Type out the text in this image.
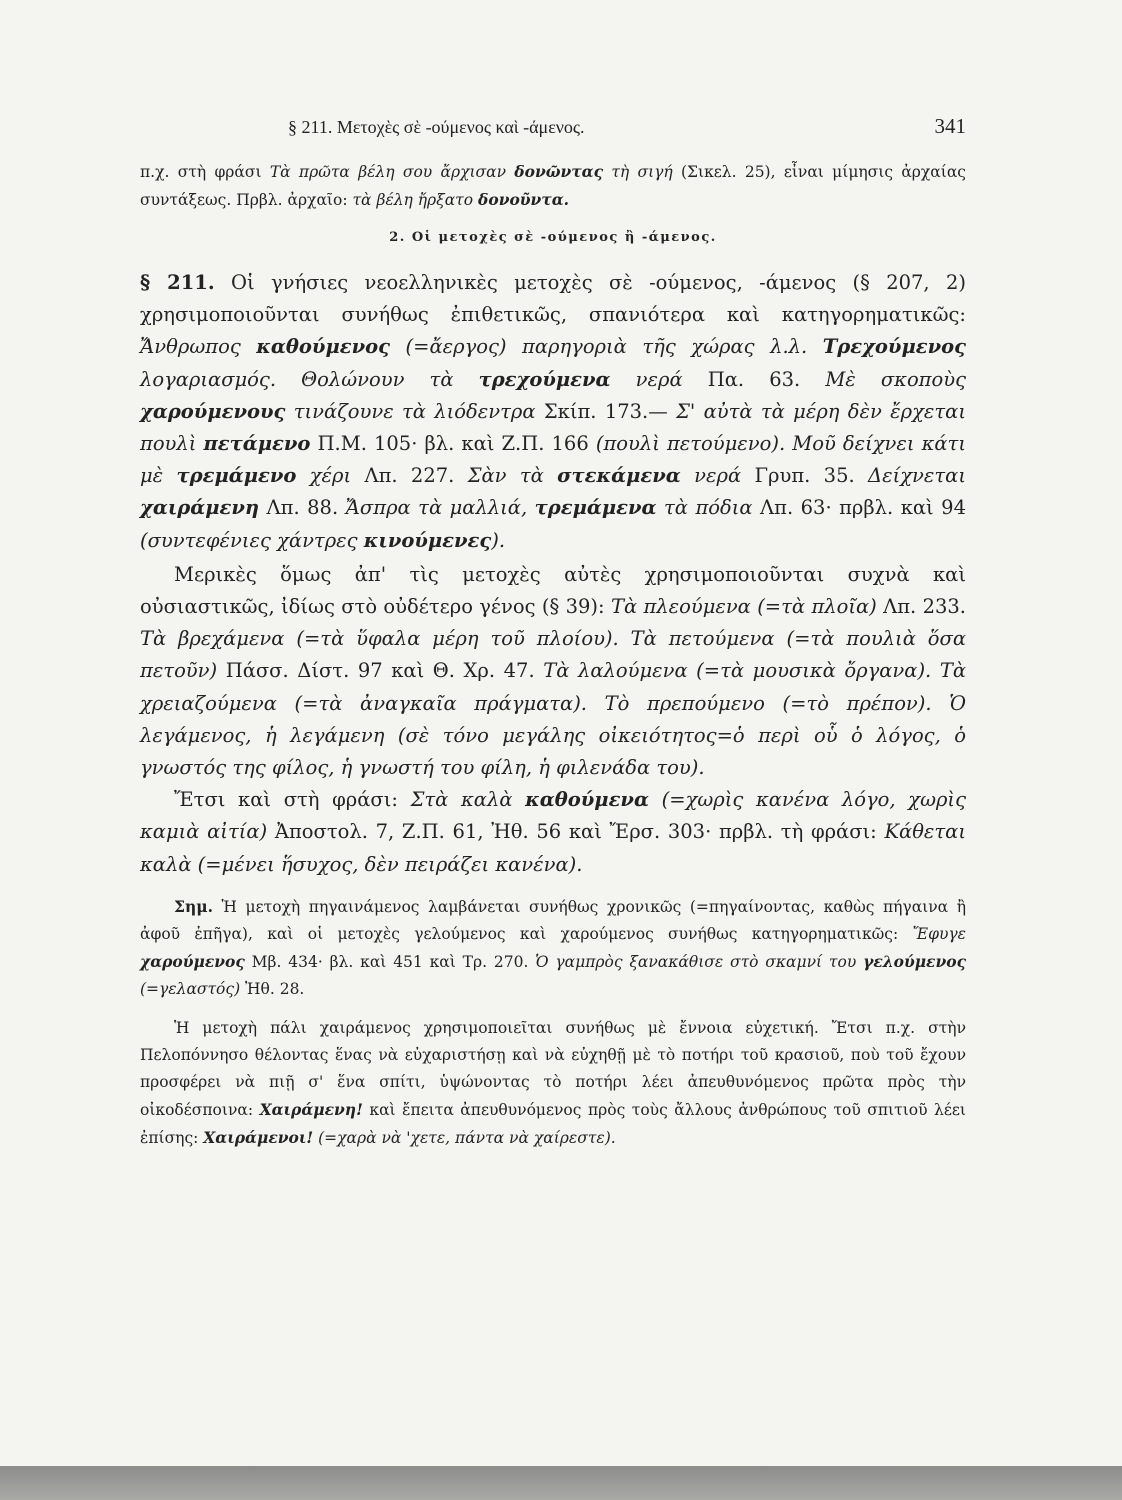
§ 211. Μετοχὲς σὲ -ούμενος καὶ -άμενος.	341

π.χ. στὴ φράσι Τὰ πρῶτα βέλη σου ἄρχισαν δονῶντας τὴ σιγή (Σικελ. 25), εἶναι μίμησις ἀρχαίας συντάξεως. Πρβλ. ἀρχαῖο: τὰ βέλη ἤρξατο δονοῦντα.

2. Οἱ μετοχὲς σὲ -ούμενος ἢ -άμενος.

§ 211. Οἱ γνήσιες νεοελληνικὲς μετοχὲς σὲ -ούμενος, -άμενος (§ 207, 2) χρησιμοποιοῦνται συνήθως ἐπιθετικῶς, σπανιότερα καὶ κατηγορηματικῶς: Ἄνθρωπος καθούμενος (=ἄεργος) παρηγοριὰ τῆς χώρας λ.λ. Τρεχούμενος λογαριασμός. Θολώνουν τὰ τρεχούμενα νερά Πα. 63. Μὲ σκοποὺς χαρούμενους τινάζουνε τὰ λιόδεντρα Σκίπ. 173.— Σ' αὐτὰ τὰ μέρη δὲν ἔρχεται πουλὶ πετάμενο Π.Μ. 105· βλ. καὶ Ζ.Π. 166 (πουλὶ πετούμενο). Μοῦ δείχνει κάτι μὲ τρεμάμενο χέρι Λπ. 227. Σὰν τὰ στεκάμενα νερά Γρυπ. 35. Δείχνεται χαιράμενη Λπ. 88. Ἄσπρα τὰ μαλλιά, τρεμάμενα τὰ πόδια Λπ. 63· πρβλ. καὶ 94 (συντεφένιες χάντρες κινούμενες).

Μερικὲς ὅμως ἀπ' τὶς μετοχὲς αὐτὲς χρησιμοποιοῦνται συχνὰ καὶ οὐσιαστικῶς, ἰδίως στὸ οὐδέτερο γένος (§ 39): Τὰ πλεούμενα (=τὰ πλοῖα) Λπ. 233. Τὰ βρεχάμενα (=τὰ ὕφαλα μέρη τοῦ πλοίου). Τὰ πετούμενα (=τὰ πουλιὰ ὅσα πετοῦν) Πάσσ. Δίστ. 97 καὶ Θ. Χρ. 47. Τὰ λαλούμενα (=τὰ μουσικὰ ὄργανα). Τὰ χρειαζούμενα (=τὰ ἀναγκαῖα πράγματα). Τὸ πρεπούμενο (=τὸ πρέπον). Ὁ λεγάμενος, ἡ λεγάμενη (σὲ τόνο μεγάλης οἰκειότητος=ὁ περὶ οὗ ὁ λόγος, ὁ γνωστός της φίλος, ἡ γνωστή του φίλη, ἡ φιλενάδα του).

Ἔτσι καὶ στὴ φράσι: Στὰ καλὰ καθούμενα (=χωρὶς κανένα λόγο, χωρὶς καμιὰ αἰτία) Ἀποστολ. 7, Ζ.Π. 61, Ἠθ. 56 καὶ Ἔρσ. 303· πρβλ. τὴ φράσι: Κάθεται καλὰ (=μένει ἥσυχος, δὲν πειράζει κανένα).

Σημ. Ἡ μετοχὴ πηγαινάμενος λαμβάνεται συνήθως χρονικῶς (=πηγαίνοντας, καθὼς πήγαινα ἢ ἀφοῦ ἐπῆγα), καὶ οἱ μετοχὲς γελούμενος καὶ χαρούμενος συνήθως κατηγορηματικῶς: Ἔφυγε χαρούμενος Μβ. 434· βλ. καὶ 451 καὶ Τρ. 270. Ὁ γαμπρὸς ξανακάθισε στὸ σκαμνί του γελούμενος (=γελαστός) Ἠθ. 28.

Ἡ μετοχὴ πάλι χαιράμενος χρησιμοποιεῖται συνήθως μὲ ἔννοια εὐχετική. Ἔτσι π.χ. στὴν Πελοπόννησο θέλοντας ἕνας νὰ εὐχαριστήσῃ καὶ νὰ εὐχηθῇ μὲ τὸ ποτήρι τοῦ κρασιοῦ, ποὺ τοῦ ἔχουν προσφέρει νὰ πιῇ σ' ἕνα σπίτι, ὑψώνοντας τὸ ποτήρι λέει ἀπευθυνόμενος πρῶτα πρὸς τὴν οἰκοδέσποινα: Χαιράμενη! καὶ ἔπειτα ἀπευθυνόμενος πρὸς τοὺς ἄλλους ἀνθρώπους τοῦ σπιτιοῦ λέει ἐπίσης: Χαιράμενοι! (=χαρὰ νὰ 'χετε, πάντα νὰ χαίρεστε).
